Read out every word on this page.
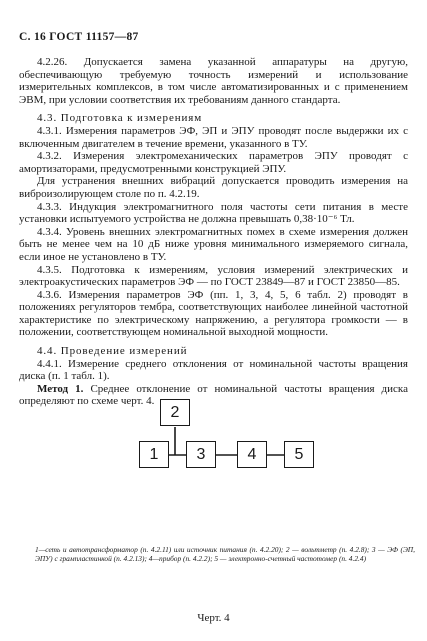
С. 16 ГОСТ 11157—87

4.2.26. Допускается замена указанной аппаратуры на другую, обеспечивающую требуемую точность измерений и использование измерительных комплексов, в том числе автоматизированных и с применением ЭВМ, при условии соответствия их требованиям данного стандарта.

4.3. Подготовка к измерениям

4.3.1. Измерения параметров ЭФ, ЭП и ЭПУ проводят после выдержки их с включенным двигателем в течение времени, указанного в ТУ.

4.3.2. Измерения электромеханических параметров ЭПУ проводят с амортизаторами, предусмотренными конструкцией ЭПУ.

Для устранения внешних вибраций допускается проводить измерения на виброизолирующем столе по п. 4.2.19.

4.3.3. Индукция электромагнитного поля частоты сети питания в месте установки испытуемого устройства не должна превышать 0,38·10⁻⁶ Тл.

4.3.4. Уровень внешних электромагнитных помех в схеме измерения должен быть не менее чем на 10 дБ ниже уровня минимального измеряемого сигнала, если иное не установлено в ТУ.

4.3.5. Подготовка к измерениям, условия измерений электрических и электроакустических параметров ЭФ — по ГОСТ 23849—87 и ГОСТ 23850—85.

4.3.6. Измерения параметров ЭФ (пп. 1, 3, 4, 5, 6 табл. 2) проводят в положениях регуляторов тембра, соответствующих наиболее линейной частотной характеристике по электрическому напряжению, а регулятора громкости — в положении, соответствующем номинальной выходной мощности.

4.4. Проведение измерений

4.4.1. Измерение среднего отклонения от номинальной частоты вращения диска (п. 1 табл. 1).

Метод 1. Среднее отклонение от номинальной частоты вращения диска определяют по схеме черт. 4.

2
1	3	4	5
1—сеть и автотрансформатор (п. 4.2.11) или источник питания (п. 4.2.20); 2 — вольтметр (п. 4.2.8); 3 — ЭФ (ЭП, ЭПУ) с грампластинкой (п. 4.2.13); 4—прибор (п. 4.2.2); 5 — электронно-счетный частотомер (п. 4.2.4)
Черт. 4
